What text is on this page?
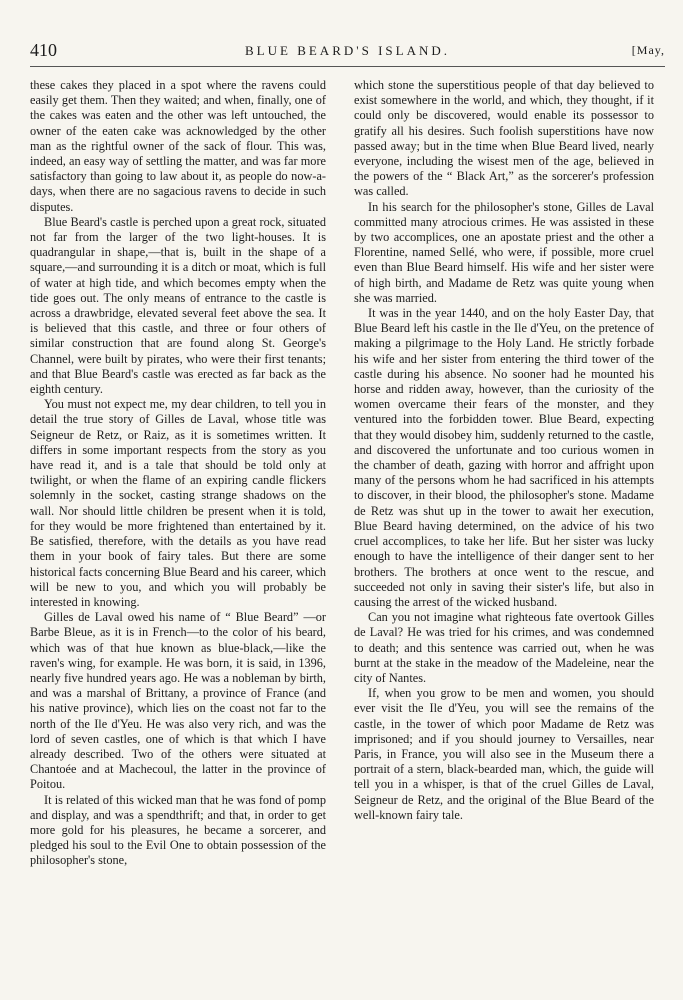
410	BLUE BEARD'S ISLAND.	[May,

these cakes they placed in a spot where the ravens could easily get them. Then they waited; and when, finally, one of the cakes was eaten and the other was left untouched, the owner of the eaten cake was acknowledged by the other man as the rightful owner of the sack of flour. This was, indeed, an easy way of settling the matter, and was far more satisfactory than going to law about it, as people do now-a-days, when there are no sagacious ravens to decide in such disputes.

Blue Beard's castle is perched upon a great rock, situated not far from the larger of the two light-houses. It is quadrangular in shape,—that is, built in the shape of a square,—and surrounding it is a ditch or moat, which is full of water at high tide, and which becomes empty when the tide goes out. The only means of entrance to the castle is across a drawbridge, elevated several feet above the sea. It is believed that this castle, and three or four others of similar construction that are found along St. George's Channel, were built by pirates, who were their first tenants; and that Blue Beard's castle was erected as far back as the eighth century.

You must not expect me, my dear children, to tell you in detail the true story of Gilles de Laval, whose title was Seigneur de Retz, or Raiz, as it is sometimes written. It differs in some important respects from the story as you have read it, and is a tale that should be told only at twilight, or when the flame of an expiring candle flickers solemnly in the socket, casting strange shadows on the wall. Nor should little children be present when it is told, for they would be more frightened than entertained by it. Be satisfied, therefore, with the details as you have read them in your book of fairy tales. But there are some historical facts concerning Blue Beard and his career, which will be new to you, and which you will probably be interested in knowing.

Gilles de Laval owed his name of “ Blue Beard” —or Barbe Bleue, as it is in French—to the color of his beard, which was of that hue known as blue-black,—like the raven's wing, for example. He was born, it is said, in 1396, nearly five hundred years ago. He was a nobleman by birth, and was a marshal of Brittany, a province of France (and his native province), which lies on the coast not far to the north of the Ile d'Yeu. He was also very rich, and was the lord of seven castles, one of which is that which I have already described. Two of the others were situated at Chantoée and at Machecoul, the latter in the province of Poitou.

It is related of this wicked man that he was fond of pomp and display, and was a spendthrift; and that, in order to get more gold for his pleasures, he became a sorcerer, and pledged his soul to the Evil One to obtain possession of the philosopher's stone,

which stone the superstitious people of that day believed to exist somewhere in the world, and which, they thought, if it could only be discovered, would enable its possessor to gratify all his desires. Such foolish superstitions have now passed away; but in the time when Blue Beard lived, nearly everyone, including the wisest men of the age, believed in the powers of the “ Black Art,” as the sorcerer's profession was called.

In his search for the philosopher's stone, Gilles de Laval committed many atrocious crimes. He was assisted in these by two accomplices, one an apostate priest and the other a Florentine, named Sellé, who were, if possible, more cruel even than Blue Beard himself. His wife and her sister were of high birth, and Madame de Retz was quite young when she was married.

It was in the year 1440, and on the holy Easter Day, that Blue Beard left his castle in the Ile d'Yeu, on the pretence of making a pilgrimage to the Holy Land. He strictly forbade his wife and her sister from entering the third tower of the castle during his absence. No sooner had he mounted his horse and ridden away, however, than the curiosity of the women overcame their fears of the monster, and they ventured into the forbidden tower. Blue Beard, expecting that they would disobey him, suddenly returned to the castle, and discovered the unfortunate and too curious women in the chamber of death, gazing with horror and affright upon many of the persons whom he had sacrificed in his attempts to discover, in their blood, the philosopher's stone. Madame de Retz was shut up in the tower to await her execution, Blue Beard having determined, on the advice of his two cruel accomplices, to take her life. But her sister was lucky enough to have the intelligence of their danger sent to her brothers. The brothers at once went to the rescue, and succeeded not only in saving their sister's life, but also in causing the arrest of the wicked husband.

Can you not imagine what righteous fate overtook Gilles de Laval? He was tried for his crimes, and was condemned to death; and this sentence was carried out, when he was burnt at the stake in the meadow of the Madeleine, near the city of Nantes.

If, when you grow to be men and women, you should ever visit the Ile d'Yeu, you will see the remains of the castle, in the tower of which poor Madame de Retz was imprisoned; and if you should journey to Versailles, near Paris, in France, you will also see in the Museum there a portrait of a stern, black-bearded man, which, the guide will tell you in a whisper, is that of the cruel Gilles de Laval, Seigneur de Retz, and the original of the Blue Beard of the well-known fairy tale.
